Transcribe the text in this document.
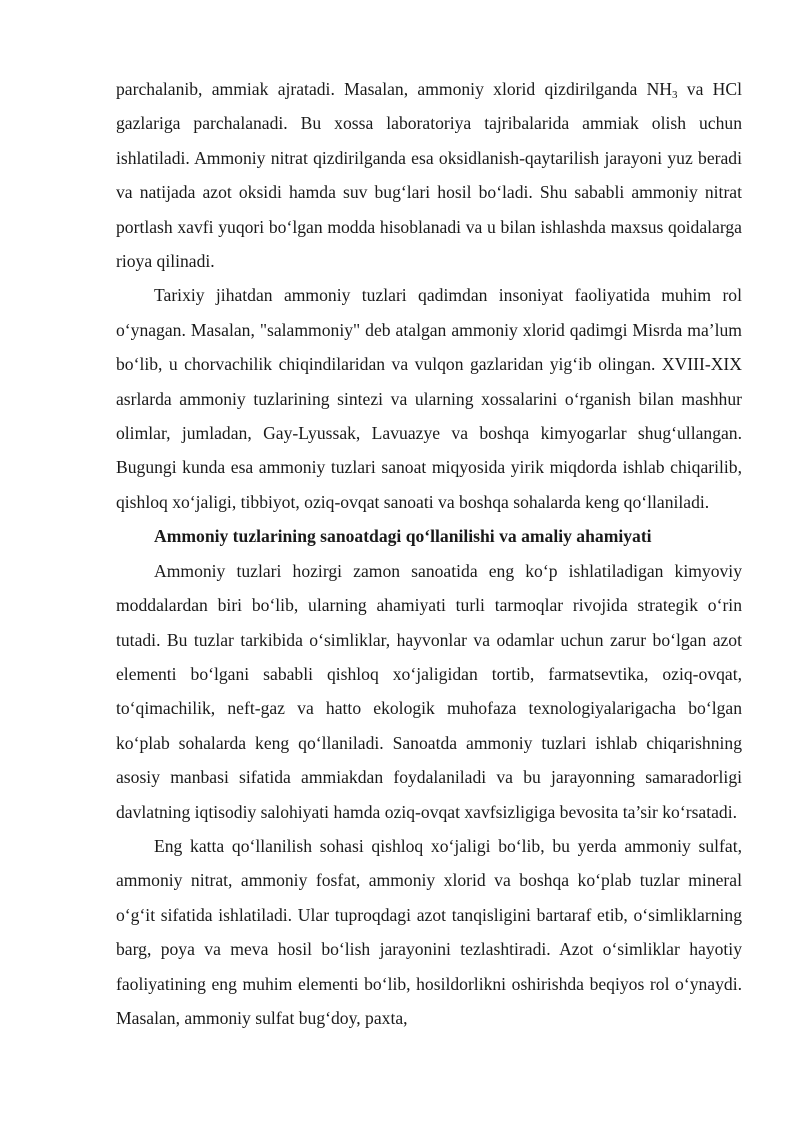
parchalanib, ammiak ajratadi. Masalan, ammoniy xlorid qizdirilganda $NH_3$ va HCl gazlariga parchalanadi. Bu xossa laboratoriya tajribalarida ammiak olish uchun ishlatiladi. Ammoniy nitrat qizdirilganda esa oksidlanish-qaytarilish jarayoni yuz beradi va natijada azot oksidi hamda suv bug‘lari hosil bo‘ladi. Shu sababli ammoniy nitrat portlash xavfi yuqori bo‘lgan modda hisoblanadi va u bilan ishlashda maxsus qoidalarga rioya qilinadi.

Tarixiy jihatdan ammoniy tuzlari qadimdan insoniyat faoliyatida muhim rol o‘ynagan. Masalan, "salammoniy" deb atalgan ammoniy xlorid qadimgi Misrda ma’lum bo‘lib, u chorvachilik chiqindilaridan va vulqon gazlaridan yig‘ib olingan. XVIII-XIX asrlarda ammoniy tuzlarining sintezi va ularning xossalarini o‘rganish bilan mashhur olimlar, jumladan, Gay-Lyussak, Lavuazye va boshqa kimyogarlar shug‘ullangan. Bugungi kunda esa ammoniy tuzlari sanoat miqyosida yirik miqdorda ishlab chiqarilib, qishloq xo‘jaligi, tibbiyot, oziq-ovqat sanoati va boshqa sohalarda keng qo‘llaniladi.

Ammoniy tuzlarining sanoatdagi qo‘llanilishi va amaliy ahamiyati

Ammoniy tuzlari hozirgi zamon sanoatida eng ko‘p ishlatiladigan kimyoviy moddalardan biri bo‘lib, ularning ahamiyati turli tarmoqlar rivojida strategik o‘rin tutadi. Bu tuzlar tarkibida o‘simliklar, hayvonlar va odamlar uchun zarur bo‘lgan azot elementi bo‘lgani sababli qishloq xo‘jaligidan tortib, farmatsevtika, oziq-ovqat, to‘qimachilik, neft-gaz va hatto ekologik muhofaza texnologiyalarigacha bo‘lgan ko‘plab sohalarda keng qo‘llaniladi. Sanoatda ammoniy tuzlari ishlab chiqarishning asosiy manbasi sifatida ammiakdan foydalaniladi va bu jarayonning samaradorligi davlatning iqtisodiy salohiyati hamda oziq-ovqat xavfsizligiga bevosita ta’sir ko‘rsatadi.

Eng katta qo‘llanilish sohasi qishloq xo‘jaligi bo‘lib, bu yerda ammoniy sulfat, ammoniy nitrat, ammoniy fosfat, ammoniy xlorid va boshqa ko‘plab tuzlar mineral o‘g‘it sifatida ishlatiladi. Ular tuproqdagi azot tanqisligini bartaraf etib, o‘simliklarning barg, poya va meva hosil bo‘lish jarayonini tezlashtiradi. Azot o‘simliklar hayotiy faoliyatining eng muhim elementi bo‘lib, hosildorlikni oshirishda beqiyos rol o‘ynaydi. Masalan, ammoniy sulfat bug‘doy, paxta,
